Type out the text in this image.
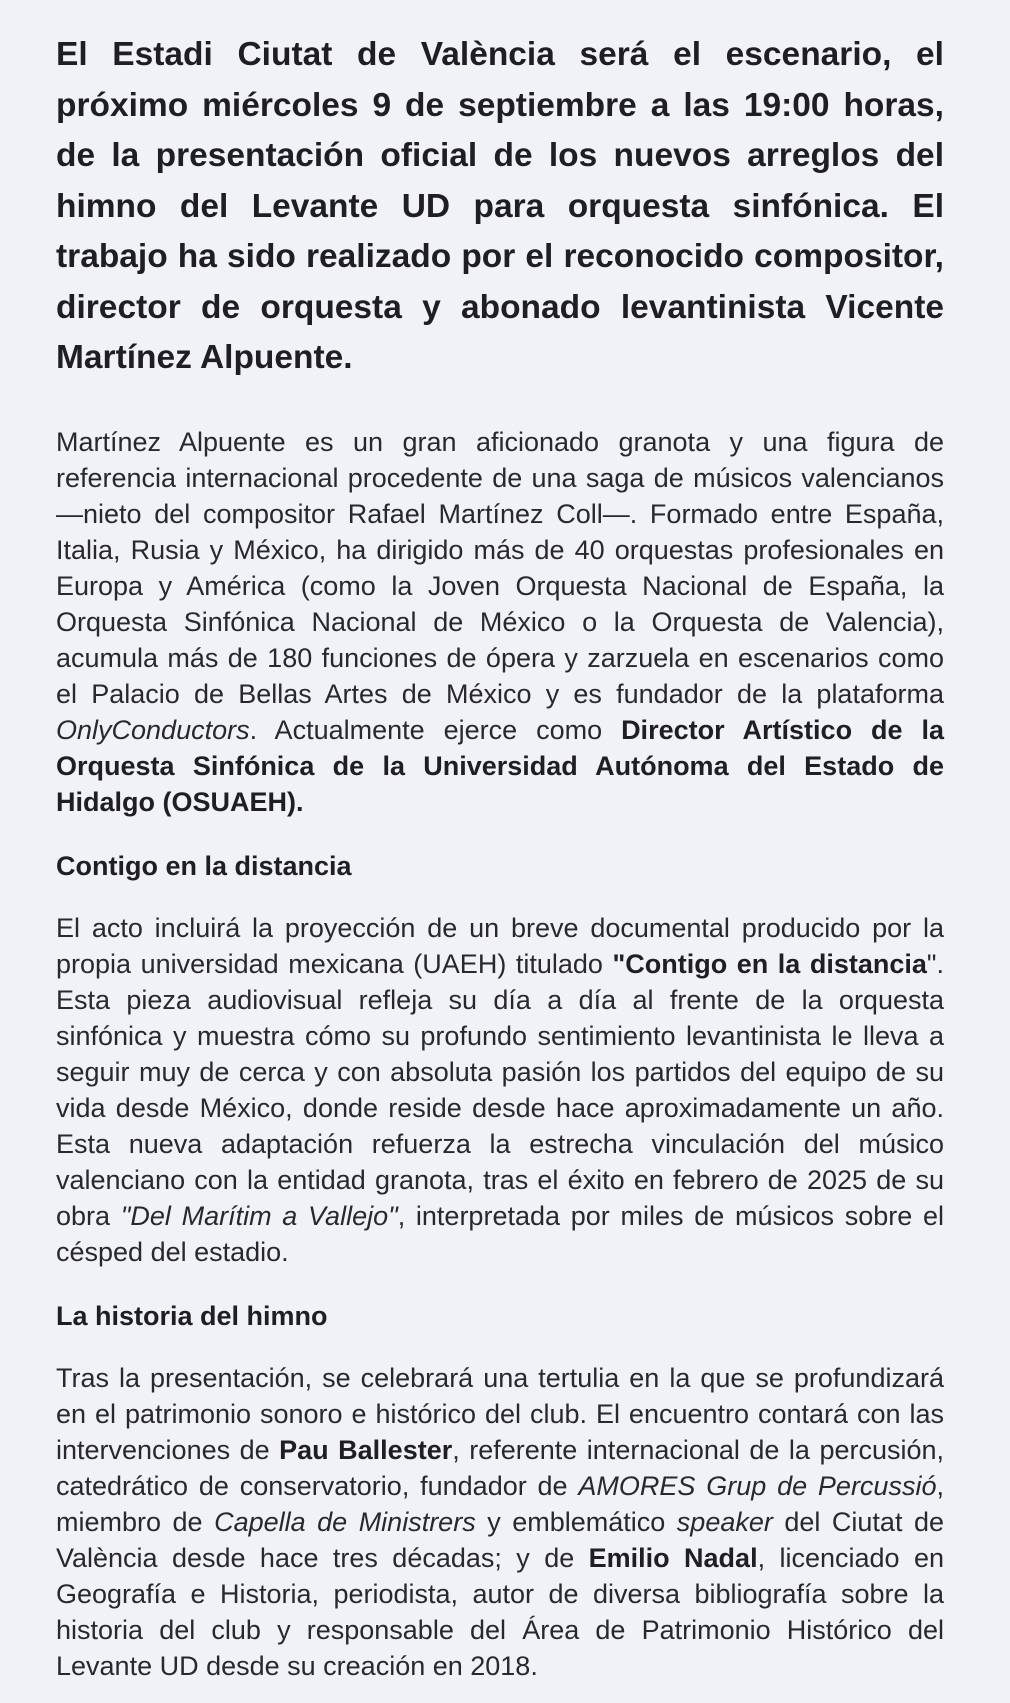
El Estadi Ciutat de València será el escenario, el próximo miércoles 9 de septiembre a las 19:00 horas, de la presentación oficial de los nuevos arreglos del himno del Levante UD para orquesta sinfónica. El trabajo ha sido realizado por el reconocido compositor, director de orquesta y abonado levantinista Vicente Martínez Alpuente.

Martínez Alpuente es un gran aficionado granota y una figura de referencia internacional procedente de una saga de músicos valencianos —nieto del compositor Rafael Martínez Coll—. Formado entre España, Italia, Rusia y México, ha dirigido más de 40 orquestas profesionales en Europa y América (como la Joven Orquesta Nacional de España, la Orquesta Sinfónica Nacional de México o la Orquesta de Valencia), acumula más de 180 funciones de ópera y zarzuela en escenarios como el Palacio de Bellas Artes de México y es fundador de la plataforma OnlyConductors. Actualmente ejerce como Director Artístico de la Orquesta Sinfónica de la Universidad Autónoma del Estado de Hidalgo (OSUAEH).

Contigo en la distancia

El acto incluirá la proyección de un breve documental producido por la propia universidad mexicana (UAEH) titulado "Contigo en la distancia". Esta pieza audiovisual refleja su día a día al frente de la orquesta sinfónica y muestra cómo su profundo sentimiento levantinista le lleva a seguir muy de cerca y con absoluta pasión los partidos del equipo de su vida desde México, donde reside desde hace aproximadamente un año. Esta nueva adaptación refuerza la estrecha vinculación del músico valenciano con la entidad granota, tras el éxito en febrero de 2025 de su obra "Del Marítim a Vallejo", interpretada por miles de músicos sobre el césped del estadio.

La historia del himno

Tras la presentación, se celebrará una tertulia en la que se profundizará en el patrimonio sonoro e histórico del club. El encuentro contará con las intervenciones de Pau Ballester, referente internacional de la percusión, catedrático de conservatorio, fundador de AMORES Grup de Percussió, miembro de Capella de Ministrers y emblemático speaker del Ciutat de València desde hace tres décadas; y de Emilio Nadal, licenciado en Geografía e Historia, periodista, autor de diversa bibliografía sobre la historia del club y responsable del Área de Patrimonio Histórico del Levante UD desde su creación en 2018.
